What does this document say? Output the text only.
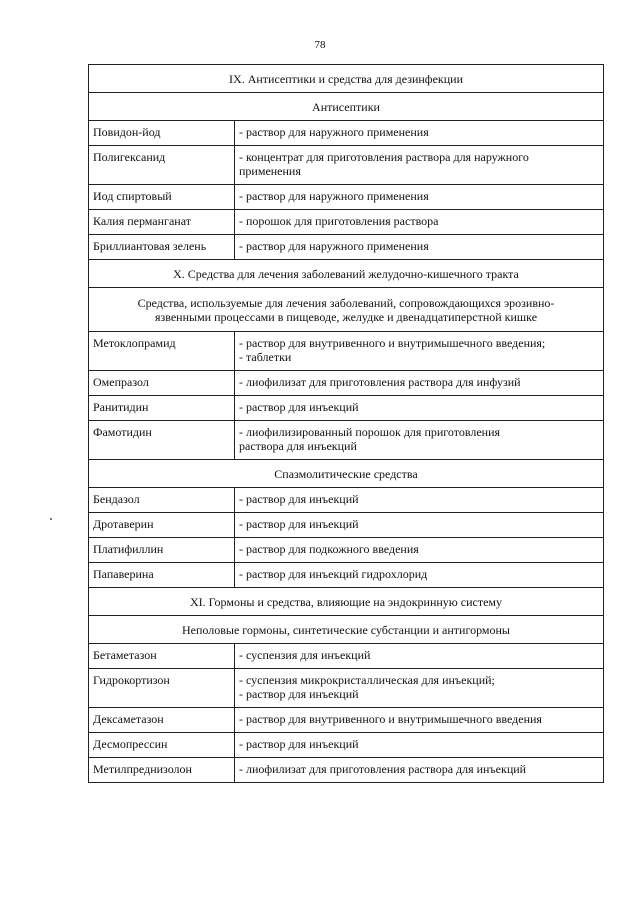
78
IX. Антисептики и средства для дезинфекции	
Антисептики	
Повидон-йод	- раствор для наружного применения

Полигексанид	- концентрат для приготовления раствора для наружного
применения

Иод спиртовый	- раствор для наружного применения

Калия перманганат	- порошок для приготовления раствора

Бриллиантовая зелень	- раствор для наружного применения

X. Средства для лечения заболеваний желудочно-кишечного тракта	
Средства, используемые для лечения заболеваний, сопровождающихся эрозивно-
язвенными процессами в пищеводе, желудке и двенадцатиперстной кишке	
Метоклопрамид	- раствор для внутривенного и внутримышечного введения;
- таблетки

Омепразол	- лиофилизат для приготовления раствора для инфузий

Ранитидин	- раствор для инъекций

Фамотидин	- лиофилизированный порошок для приготовления
раствора для инъекций

Спазмолитические средства	
Бендазол	- раствор для инъекций

Дротаверин	- раствор для инъекций

Платифиллин	- раствор для подкожного введения

Папаверина	- раствор для инъекций гидрохлорид

XI. Гормоны и средства, влияющие на эндокринную систему	
Неполовые гормоны, синтетические субстанции и антигормоны	
Бетаметазон	- суспензия для инъекций

Гидрокортизон	- суспензия микрокристаллическая для инъекций;
- раствор для инъекций

Дексаметазон	- раствор для внутривенного и внутримышечного введения

Десмопрессин	- раствор для инъекций

Метилпреднизолон	- лиофилизат для приготовления раствора для инъекций
